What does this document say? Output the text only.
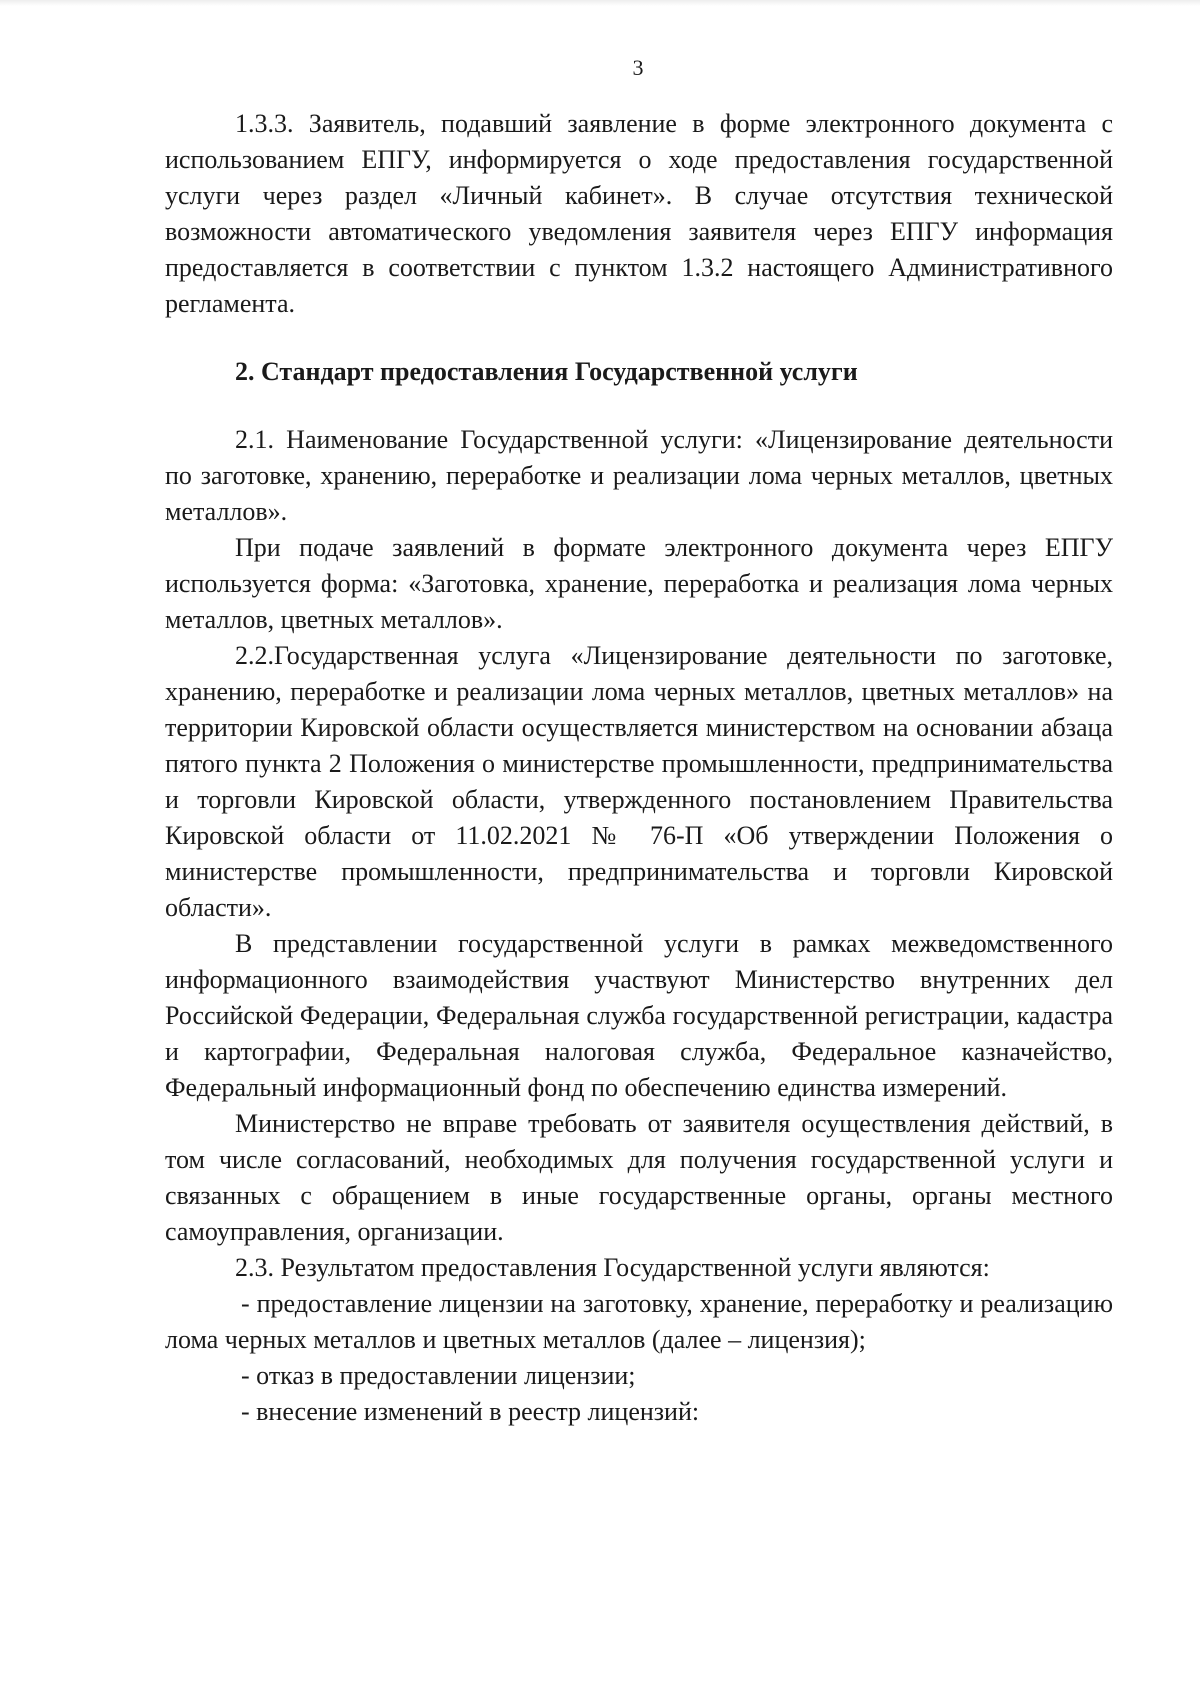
3

1.3.3. Заявитель, подавший заявление в форме электронного документа с использованием ЕПГУ, информируется о ходе предоставления государственной услуги через раздел «Личный кабинет». В случае отсутствия технической возможности автоматического уведомления заявителя через ЕПГУ информация предоставляется в соответствии с пунктом 1.3.2 настоящего Административного регламента.

2. Стандарт предоставления Государственной услуги

2.1. Наименование Государственной услуги: «Лицензирование деятельности по заготовке, хранению, переработке и реализации лома черных металлов, цветных металлов».

При подаче заявлений в формате электронного документа через ЕПГУ используется форма: «Заготовка, хранение, переработка и реализация лома черных металлов, цветных металлов».

2.2.Государственная услуга «Лицензирование деятельности по заготовке, хранению, переработке и реализации лома черных металлов, цветных металлов» на территории Кировской области осуществляется министерством на основании абзаца пятого пункта 2 Положения о министерстве промышленности, предпринимательства и торговли Кировской области, утвержденного постановлением Правительства Кировской области от 11.02.2021 № 76-П «Об утверждении Положения о министерстве промышленности, предпринимательства и торговли Кировской области».

В представлении государственной услуги в рамках межведомственного информационного взаимодействия участвуют Министерство внутренних дел Российской Федерации, Федеральная служба государственной регистрации, кадастра и картографии, Федеральная налоговая служба, Федеральное казначейство, Федеральный информационный фонд по обеспечению единства измерений.

Министерство не вправе требовать от заявителя осуществления действий, в том числе согласований, необходимых для получения государственной услуги и связанных с обращением в иные государственные органы, органы местного самоуправления, организации.

2.3. Результатом предоставления Государственной услуги являются:

- предоставление лицензии на заготовку, хранение, переработку и реализацию лома черных металлов и цветных металлов (далее – лицензия);

- отказ в предоставлении лицензии;

- внесение изменений в реестр лицензий:
